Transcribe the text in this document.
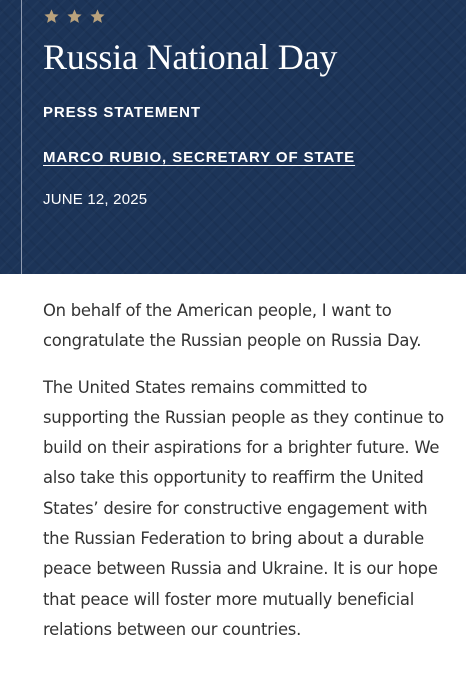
Russia National Day
PRESS STATEMENT
MARCO RUBIO, SECRETARY OF STATE
JUNE 12, 2025

On behalf of the American people, I want to congratulate the Russian people on Russia Day.

The United States remains committed to supporting the Russian people as they continue to build on their aspirations for a brighter future. We also take this opportunity to reaffirm the United States’ desire for constructive engagement with the Russian Federation to bring about a durable peace between Russia and Ukraine. It is our hope that peace will foster more mutually beneficial relations between our countries.
